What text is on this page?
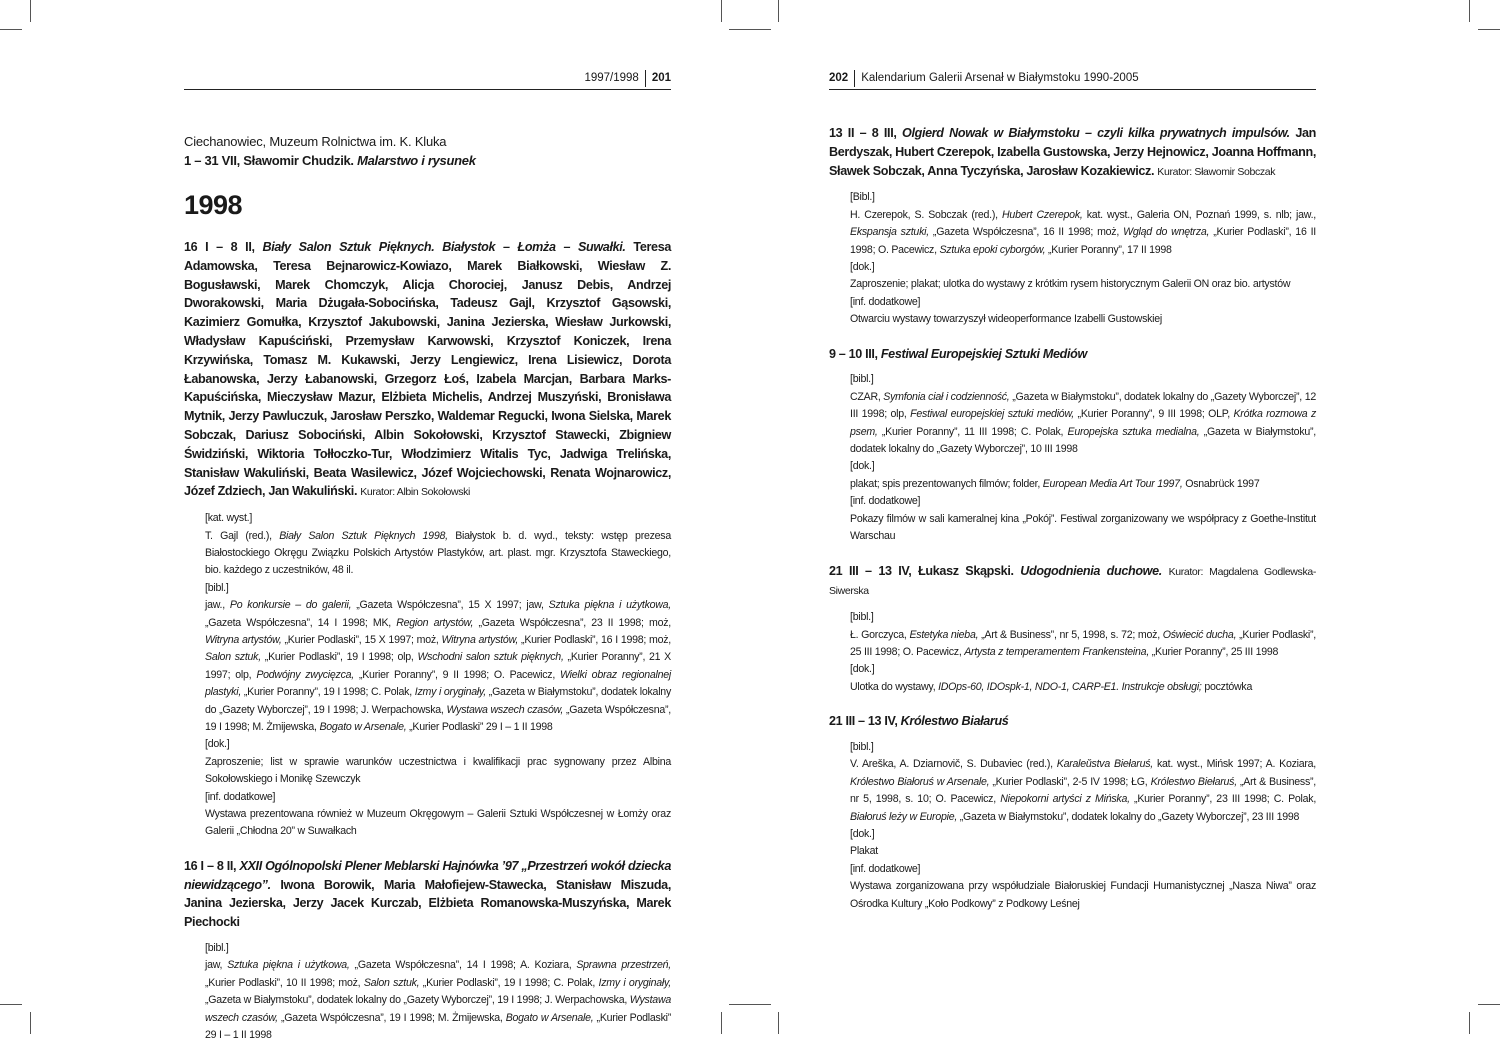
1997/1998	201
Ciechanowiec, Muzeum Rolnictwa im. K. Kluka
1 – 31 VII, Sławomir Chudzik. Malarstwo i rysunek
1998
16 I – 8 II, Biały Salon Sztuk Pięknych. Białystok – Łomża – Suwałki. Teresa Adamowska, Teresa Bejnarowicz-Kowiazo, Marek Białkowski, Wiesław Z. Bogusławski, Marek Chomczyk, Alicja Chorociej, Janusz Debis, Andrzej Dworakowski, Maria Dżugała-Sobocińska, Tadeusz Gajl, Krzysztof Gąsowski, Kazimierz Gomułka, Krzysztof Jakubowski, Janina Jezierska, Wiesław Jurkowski, Władysław Kapuściński, Przemysław Karwowski, Krzysztof Koniczek, Irena Krzywińska, Tomasz M. Kukawski, Jerzy Lengiewicz, Irena Lisiewicz, Dorota Łabanowska, Jerzy Łabanowski, Grzegorz Łoś, Izabela Marcjan, Barbara Marks-Kapuścińska, Mieczysław Mazur, Elżbieta Michelis, Andrzej Muszyński, Bronisława Mytnik, Jerzy Pawluczuk, Jarosław Perszko, Waldemar Regucki, Iwona Sielska, Marek Sobczak, Dariusz Sobociński, Albin Sokołowski, Krzysztof Stawecki, Zbigniew Świdziński, Wiktoria Tołłoczko-Tur, Włodzimierz Witalis Tyc, Jadwiga Trelińska, Stanisław Wakuliński, Beata Wasilewicz, Józef Wojciechowski, Renata Wojnarowicz, Józef Zdziech, Jan Wakuliński. Kurator: Albin Sokołowski
[kat. wyst.]
T. Gajl (red.), Biały Salon Sztuk Pięknych 1998, Białystok b. d. wyd., teksty: wstęp prezesa Białostockiego Okręgu Związku Polskich Artystów Plastyków, art. plast. mgr. Krzysztofa Staweckiego, bio. każdego z uczestników, 48 il.
[bibl.]
jaw., Po konkursie – do galerii, „Gazeta Współczesna”, 15 X 1997; jaw, Sztuka piękna i użytkowa, „Gazeta Współczesna”, 14 I 1998; MK, Region artystów, „Gazeta Współczesna”, 23 II 1998; moż, Witryna artystów, „Kurier Podlaski”, 15 X 1997; moż, Witryna artystów, „Kurier Podlaski”, 16 I 1998; moż, Salon sztuk, „Kurier Podlaski”, 19 I 1998; olp, Wschodni salon sztuk pięknych, „Kurier Poranny”, 21 X 1997; olp, Podwójny zwycięzca, „Kurier Poranny”, 9 II 1998; O. Pacewicz, Wielki obraz regionalnej plastyki, „Kurier Poranny”, 19 I 1998; C. Polak, Izmy i oryginały, „Gazeta w Białymstoku”, dodatek lokalny do „Gazety Wyborczej”, 19 I 1998; J. Werpachowska, Wystawa wszech czasów, „Gazeta Współczesna”, 19 I 1998; M. Żmijewska, Bogato w Arsenale, „Kurier Podlaski” 29 I – 1 II 1998
[dok.]
Zaproszenie; list w sprawie warunków uczestnictwa i kwalifikacji prac sygnowany przez Albina Sokołowskiego i Monikę Szewczyk
[inf. dodatkowe]
Wystawa prezentowana również w Muzeum Okręgowym – Galerii Sztuki Współczesnej w Łomży oraz Galerii „Chłodna 20” w Suwałkach
16 I – 8 II, XXII Ogólnopolski Plener Meblarski Hajnówka ’97 „Przestrzeń wokół dziecka niewidzącego”. Iwona Borowik, Maria Małofiejew-Stawecka, Stanisław Miszuda, Janina Jezierska, Jerzy Jacek Kurczab, Elżbieta Romanowska-Muszyńska, Marek Piechocki
[bibl.]
jaw, Sztuka piękna i użytkowa, „Gazeta Współczesna”, 14 I 1998; A. Koziara, Sprawna przestrzeń, „Kurier Podlaski”, 10 II 1998; moż, Salon sztuk, „Kurier Podlaski”, 19 I 1998; C. Polak, Izmy i oryginały, „Gazeta w Białymstoku”, dodatek lokalny do „Gazety Wyborczej”, 19 I 1998; J. Werpachowska, Wystawa wszech czasów, „Gazeta Współczesna”, 19 I 1998; M. Żmijewska, Bogato w Arsenale, „Kurier Podlaski” 29 I – 1 II 1998
202	Kalendarium Galerii Arsenał w Białymstoku 1990-2005
13 II – 8 III, Olgierd Nowak w Białymstoku – czyli kilka prywatnych impulsów. Jan Berdyszak, Hubert Czerepok, Izabella Gustowska, Jerzy Hejnowicz, Joanna Hoffmann, Sławek Sobczak, Anna Tyczyńska, Jarosław Kozakiewicz. Kurator: Sławomir Sobczak
[Bibl.]
H. Czerepok, S. Sobczak (red.), Hubert Czerepok, kat. wyst., Galeria ON, Poznań 1999, s. nlb; jaw., Ekspansja sztuki, „Gazeta Współczesna”, 16 II 1998; moż, Wgląd do wnętrza, „Kurier Podlaski”, 16 II 1998; O. Pacewicz, Sztuka epoki cyborgów, „Kurier Poranny”, 17 II 1998
[dok.]
Zaproszenie; plakat; ulotka do wystawy z krótkim rysem historycznym Galerii ON oraz bio. artystów
[inf. dodatkowe]
Otwarciu wystawy towarzyszył wideoperformance Izabelli Gustowskiej
9 – 10 III, Festiwal Europejskiej Sztuki Mediów
[bibl.]
CZAR, Symfonia ciał i codzienność, „Gazeta w Białymstoku”, dodatek lokalny do „Gazety Wyborczej”, 12 III 1998; olp, Festiwal europejskiej sztuki mediów, „Kurier Poranny”, 9 III 1998; OLP, Krótka rozmowa z psem, „Kurier Poranny”, 11 III 1998; C. Polak, Europejska sztuka medialna, „Gazeta w Białymstoku”, dodatek lokalny do „Gazety Wyborczej”, 10 III 1998
[dok.]
plakat; spis prezentowanych filmów; folder, European Media Art Tour 1997, Osnabrück 1997
[inf. dodatkowe]
Pokazy filmów w sali kameralnej kina „Pokój”. Festiwal zorganizowany we współpracy z Goethe-Institut Warschau
21 III – 13 IV, Łukasz Skąpski. Udogodnienia duchowe. Kurator: Magdalena Godlewska-Siwerska
[bibl.]
Ł. Gorczyca, Estetyka nieba, „Art & Business”, nr 5, 1998, s. 72; moż, Oświecić ducha, „Kurier Podlaski”, 25 III 1998; O. Pacewicz, Artysta z temperamentem Frankensteina, „Kurier Poranny”, 25 III 1998
[dok.]
Ulotka do wystawy, IDOps-60, IDOspk-1, NDO-1, CARP-E1. Instrukcje obsługi; pocztówka
21 III – 13 IV, Królestwo Białaruś
[bibl.]
V. Areška, A. Dziarnovič, S. Dubaviec (red.), Karaleŭstva Biełaruś, kat. wyst., Mińsk 1997; A. Koziara, Królestwo Białoruś w Arsenale, „Kurier Podlaski”, 2-5 IV 1998; ŁG, Królestwo Biełaruś, „Art & Business”, nr 5, 1998, s. 10; O. Pacewicz, Niepokorni artyści z Mińska, „Kurier Poranny”, 23 III 1998; C. Polak, Białoruś leży w Europie, „Gazeta w Białymstoku”, dodatek lokalny do „Gazety Wyborczej”, 23 III 1998
[dok.]
Plakat
[inf. dodatkowe]
Wystawa zorganizowana przy współudziale Białoruskiej Fundacji Humanistycznej „Nasza Niwa” oraz Ośrodka Kultury „Koło Podkowy” z Podkowy Leśnej
